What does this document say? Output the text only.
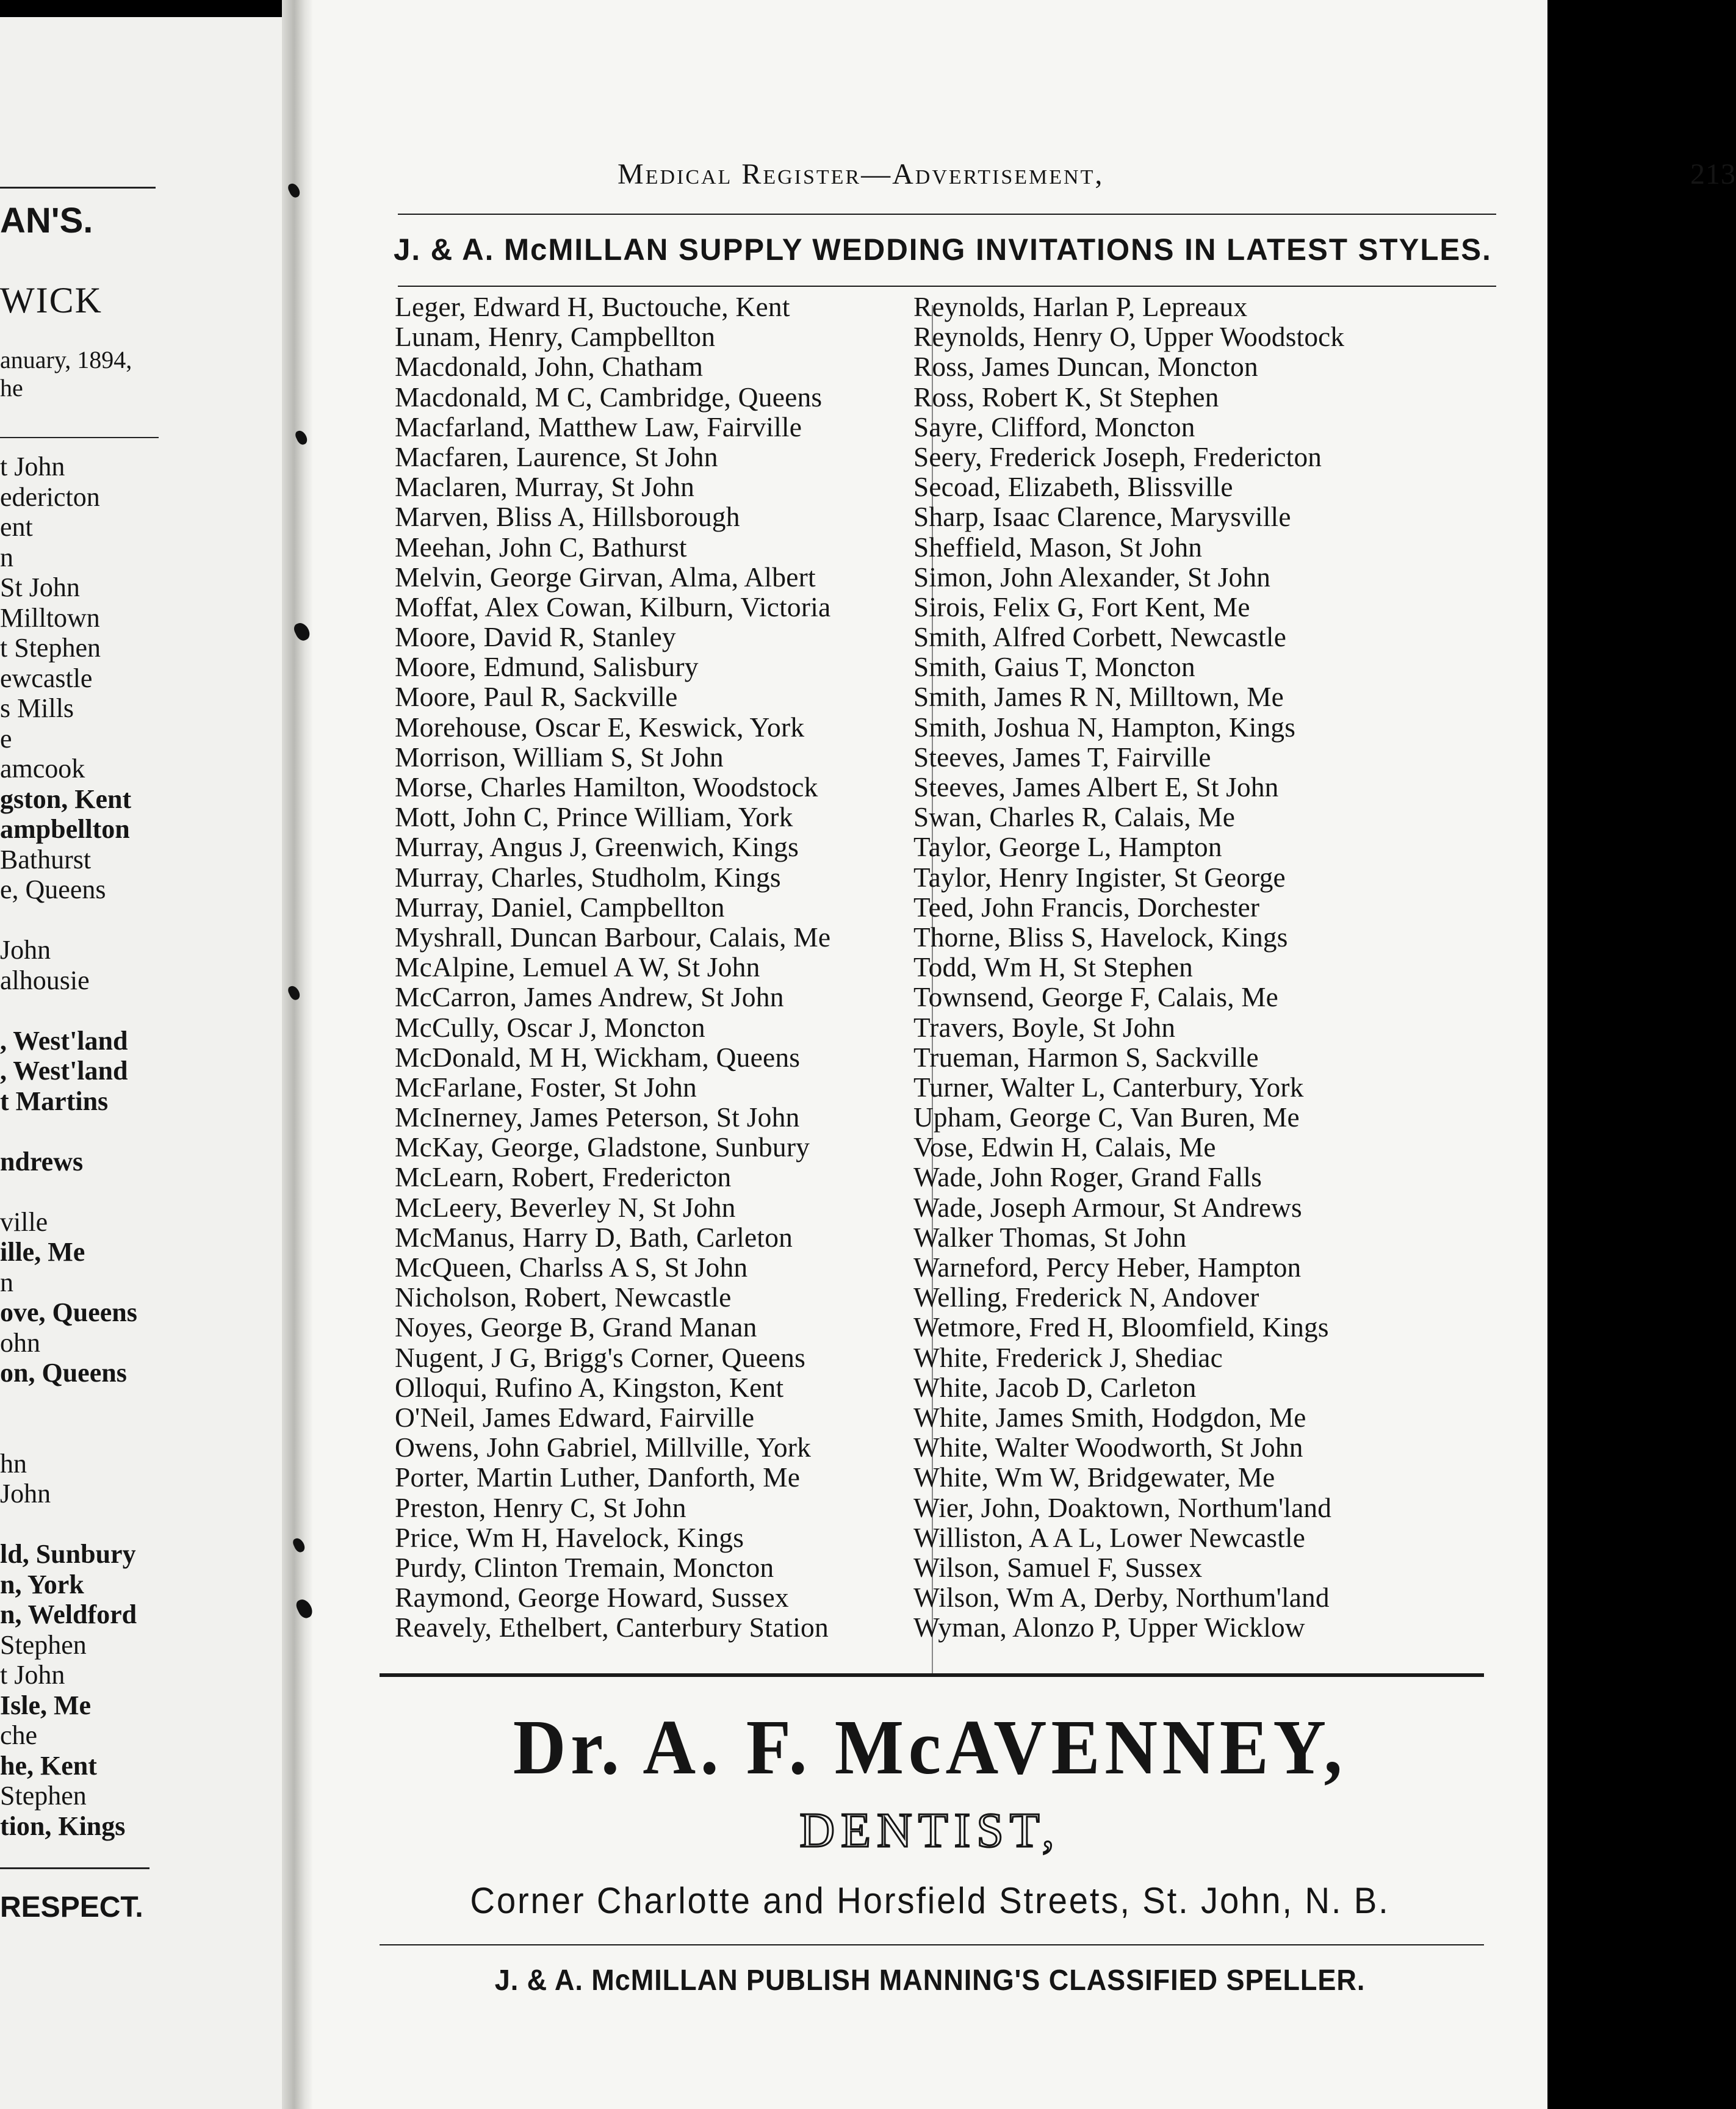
AN'S.
WICK
anuary, 1894,
he
t John
edericton
ent
n
St John
Milltown
t Stephen
ewcastle
s Mills
e
amcook
gston, Kent
ampbellton
Bathurst
e, Queens
John
alhousie
, West'land
, West'land
t Martins
ndrews
ville
ille, Me
n
ove, Queens
ohn
on, Queens
hn
John
ld, Sunbury
n, York
n, Weldford
Stephen
t John
Isle, Me
che
he, Kent
Stephen
tion, Kings
RESPECT.
Medical Register—Advertisement,	213
J. & A. McMILLAN SUPPLY WEDDING INVITATIONS IN LATEST STYLES.
Leger, Edward H, Buctouche, Kent
Lunam, Henry, Campbellton
Macdonald, John, Chatham
Macdonald, M C, Cambridge, Queens
Macfarland, Matthew Law, Fairville
Macfaren, Laurence, St John
Maclaren, Murray, St John
Marven, Bliss A, Hillsborough
Meehan, John C, Bathurst
Melvin, George Girvan, Alma, Albert
Moffat, Alex Cowan, Kilburn, Victoria
Moore, David R, Stanley
Moore, Edmund, Salisbury
Moore, Paul R, Sackville
Morehouse, Oscar E, Keswick, York
Morrison, William S, St John
Morse, Charles Hamilton, Woodstock
Mott, John C, Prince William, York
Murray, Angus J, Greenwich, Kings
Murray, Charles, Studholm, Kings
Murray, Daniel, Campbellton
Myshrall, Duncan Barbour, Calais, Me
McAlpine, Lemuel A W, St John
McCarron, James Andrew, St John
McCully, Oscar J, Moncton
McDonald, M H, Wickham, Queens
McFarlane, Foster, St John
McInerney, James Peterson, St John
McKay, George, Gladstone, Sunbury
McLearn, Robert, Fredericton
McLeery, Beverley N, St John
McManus, Harry D, Bath, Carleton
McQueen, Charlss A S, St John
Nicholson, Robert, Newcastle
Noyes, George B, Grand Manan
Nugent, J G, Brigg's Corner, Queens
Olloqui, Rufino A, Kingston, Kent
O'Neil, James Edward, Fairville
Owens, John Gabriel, Millville, York
Porter, Martin Luther, Danforth, Me
Preston, Henry C, St John
Price, Wm H, Havelock, Kings
Purdy, Clinton Tremain, Moncton
Raymond, George Howard, Sussex
Reavely, Ethelbert, Canterbury Station
Reynolds, Harlan P, Lepreaux
Reynolds, Henry O, Upper Woodstock
Ross, James Duncan, Moncton
Ross, Robert K, St Stephen
Sayre, Clifford, Moncton
Seery, Frederick Joseph, Fredericton
Secoad, Elizabeth, Blissville
Sharp, Isaac Clarence, Marysville
Sheffield, Mason, St John
Simon, John Alexander, St John
Sirois, Felix G, Fort Kent, Me
Smith, Alfred Corbett, Newcastle
Smith, Gaius T, Moncton
Smith, James R N, Milltown, Me
Smith, Joshua N, Hampton, Kings
Steeves, James T, Fairville
Steeves, James Albert E, St John
Swan, Charles R, Calais, Me
Taylor, George L, Hampton
Taylor, Henry Ingister, St George
Teed, John Francis, Dorchester
Thorne, Bliss S, Havelock, Kings
Todd, Wm H, St Stephen
Townsend, George F, Calais, Me
Travers, Boyle, St John
Trueman, Harmon S, Sackville
Turner, Walter L, Canterbury, York
Upham, George C, Van Buren, Me
Vose, Edwin H, Calais, Me
Wade, John Roger, Grand Falls
Wade, Joseph Armour, St Andrews
Walker Thomas, St John
Warneford, Percy Heber, Hampton
Welling, Frederick N, Andover
Wetmore, Fred H, Bloomfield, Kings
White, Frederick J, Shediac
White, Jacob D, Carleton
White, James Smith, Hodgdon, Me
White, Walter Woodworth, St John
White, Wm W, Bridgewater, Me
Wier, John, Doaktown, Northum'land
Williston, A A L, Lower Newcastle
Wilson, Samuel F, Sussex
Wilson, Wm A, Derby, Northum'land
Wyman, Alonzo P, Upper Wicklow
Dr. A. F. McAVENNEY,
DENTIST,
Corner Charlotte and Horsfield Streets, St. John, N. B.
J. & A. McMILLAN PUBLISH MANNING'S CLASSIFIED SPELLER.
